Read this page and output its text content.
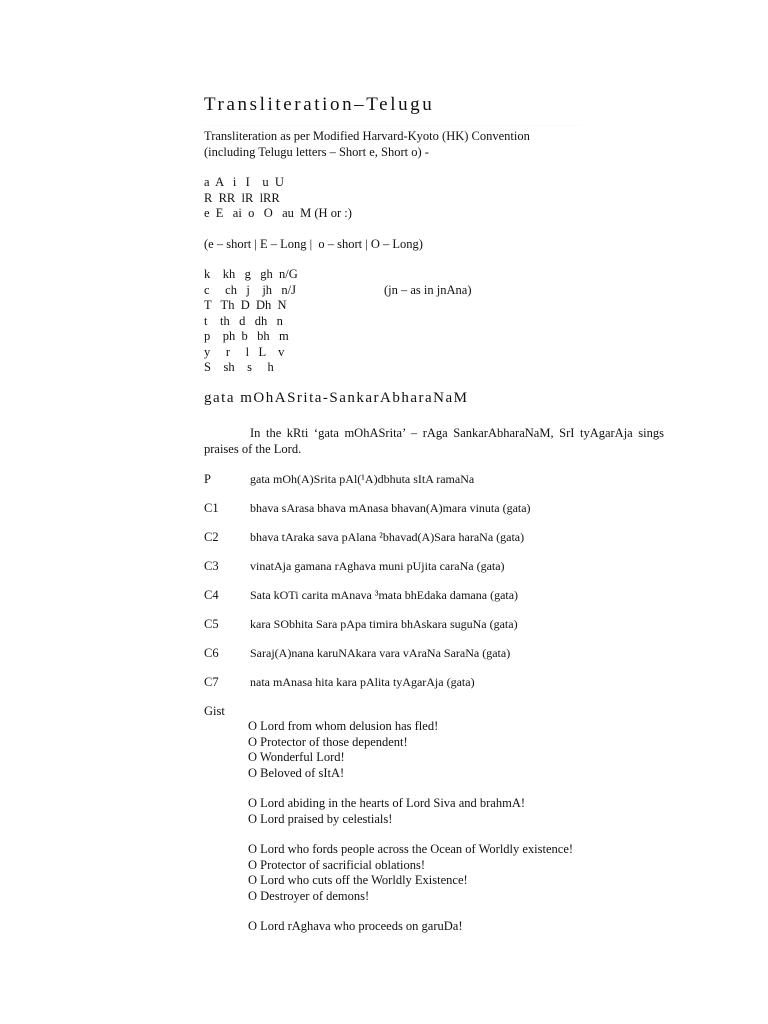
Transliteration–Telugu
______________________________________________________

Transliteration as per Modified Harvard-Kyoto (HK) Convention

(including Telugu letters – Short e, Short o) -

a  A   i   I    u  U

R  RR  lR  lRR

e  E   ai  o   O   au  M (H or :)

(e – short | E – Long |  o – short | O – Long)

k    kh   g   gh  n/G
c     ch   j    jh   n/J	(jn – as in jnAna)
T   Th  D  Dh  N
t    th   d   dh   n
p    ph  b   bh   m
y     r     l   L    v
S    sh    s     h
gata mOhASrita-SankarAbharaNaM

In the kRti ‘gata mOhASrita’ – rAga SankarAbharaNaM, SrI tyAgarAja sings praises of the Lord.

P	gata mOh(A)Srita pAl(¹A)dbhuta sItA ramaNa
C1	bhava sArasa bhava mAnasa bhavan(A)mara vinuta (gata)
C2	bhava tAraka sava pAlana ²bhavad(A)Sara haraNa (gata)
C3	vinatAja gamana rAghava muni pUjita caraNa (gata)
C4	Sata kOTi carita mAnava ³mata bhEdaka damana (gata)
C5	kara SObhita Sara pApa timira bhAskara suguNa (gata)
C6	Saraj(A)nana karuNAkara vara vAraNa SaraNa (gata)
C7	nata mAnasa hita kara pAlita tyAgarAja (gata)

Gist

O Lord from whom delusion has fled!

O Protector of those dependent!

O Wonderful Lord!

O Beloved of sItA!

O Lord abiding in the hearts of Lord Siva and brahmA!

O Lord praised by celestials!

O Lord who fords people across the Ocean of Worldly existence!

O Protector of sacrificial oblations!

O Lord who cuts off the Worldly Existence!

O Destroyer of demons!

O Lord rAghava who proceeds on garuDa!
